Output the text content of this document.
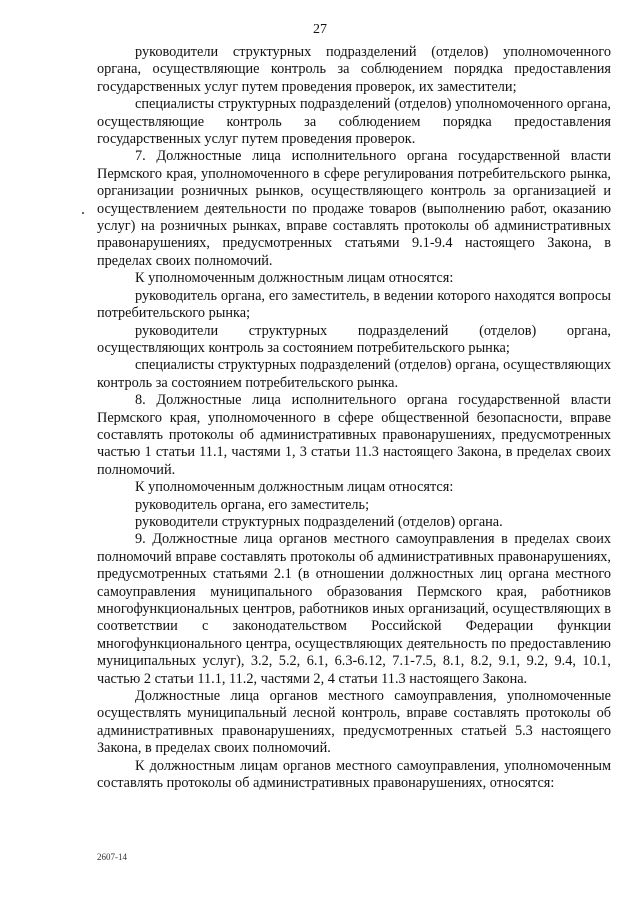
27

руководители структурных подразделений (отделов) уполномоченного органа, осуществляющие контроль за соблюдением порядка предоставления государственных услуг путем проведения проверок, их заместители;

специалисты структурных подразделений (отделов) уполномоченного органа, осуществляющие контроль за соблюдением порядка предоставления государственных услуг путем проведения проверок.

7. Должностные лица исполнительного органа государственной власти Пермского края, уполномоченного в сфере регулирования потребительского рынка, организации розничных рынков, осуществляющего контроль за организацией и осуществлением деятельности по продаже товаров (выполнению работ, оказанию услуг) на розничных рынках, вправе составлять протоколы об административных правонарушениях, предусмотренных статьями 9.1-9.4 настоящего Закона, в пределах своих полномочий.

К уполномоченным должностным лицам относятся:

руководитель органа, его заместитель, в ведении которого находятся вопросы потребительского рынка;

руководители структурных подразделений (отделов) органа, осуществляющих контроль за состоянием потребительского рынка;

специалисты структурных подразделений (отделов) органа, осуществляющих контроль за состоянием потребительского рынка.

8. Должностные лица исполнительного органа государственной власти Пермского края, уполномоченного в сфере общественной безопасности, вправе составлять протоколы об административных правонарушениях, предусмотренных частью 1 статьи 11.1, частями 1, 3 статьи 11.3 настоящего Закона, в пределах своих полномочий.

К уполномоченным должностным лицам относятся:

руководитель органа, его заместитель;

руководители структурных подразделений (отделов) органа.

9. Должностные лица органов местного самоуправления в пределах своих полномочий вправе составлять протоколы об административных правонарушениях, предусмотренных статьями 2.1 (в отношении должностных лиц органа местного самоуправления муниципального образования Пермского края, работников многофункциональных центров, работников иных организаций, осуществляющих в соответствии с законодательством Российской Федерации функции многофункционального центра, осуществляющих деятельность по предоставлению муниципальных услуг), 3.2, 5.2, 6.1, 6.3-6.12, 7.1-7.5, 8.1, 8.2, 9.1, 9.2, 9.4, 10.1, частью 2 статьи 11.1, 11.2, частями 2, 4 статьи 11.3 настоящего Закона.

Должностные лица органов местного самоуправления, уполномоченные осуществлять муниципальный лесной контроль, вправе составлять протоколы об административных правонарушениях, предусмотренных статьей 5.3 настоящего Закона, в пределах своих полномочий.

К должностным лицам органов местного самоуправления, уполномоченным составлять протоколы об административных правонарушениях, относятся:

2607-14
